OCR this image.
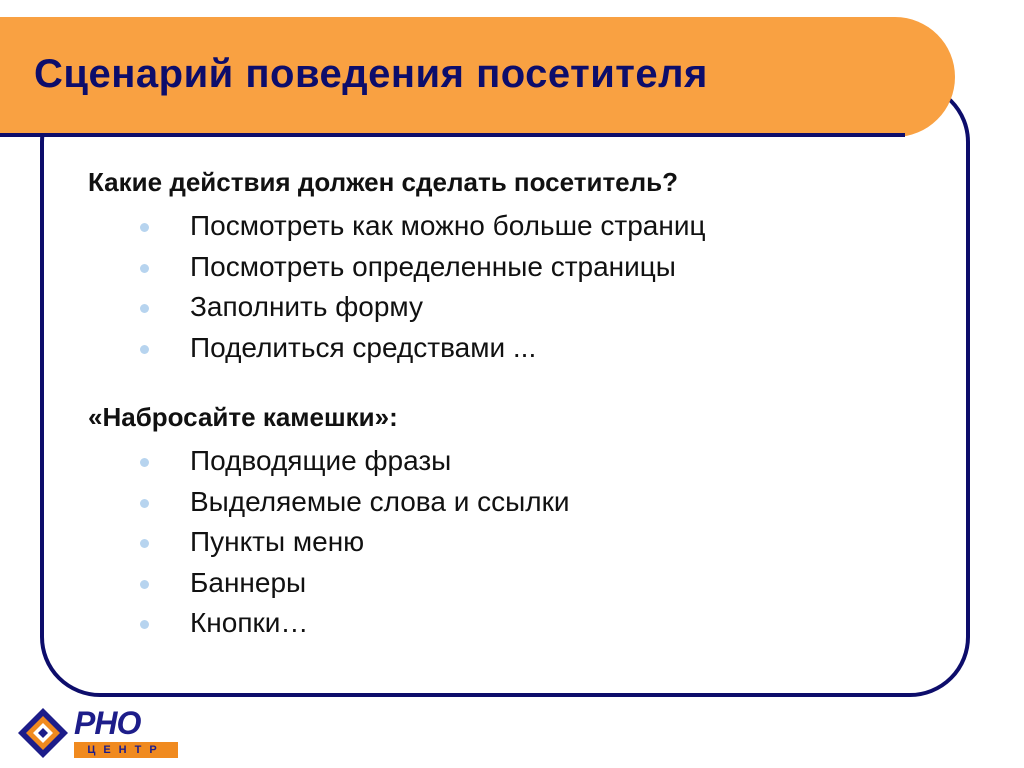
Сценарий поведения посетителя
Какие действия должен сделать посетитель?
Посмотреть как можно больше страниц
Посмотреть определенные страницы
Заполнить форму
Поделиться средствами ...
«Набросайте камешки»:
Подводящие фразы
Выделяемые слова и ссылки
Пункты меню
Баннеры
Кнопки…
РНО
ЦЕНТР
